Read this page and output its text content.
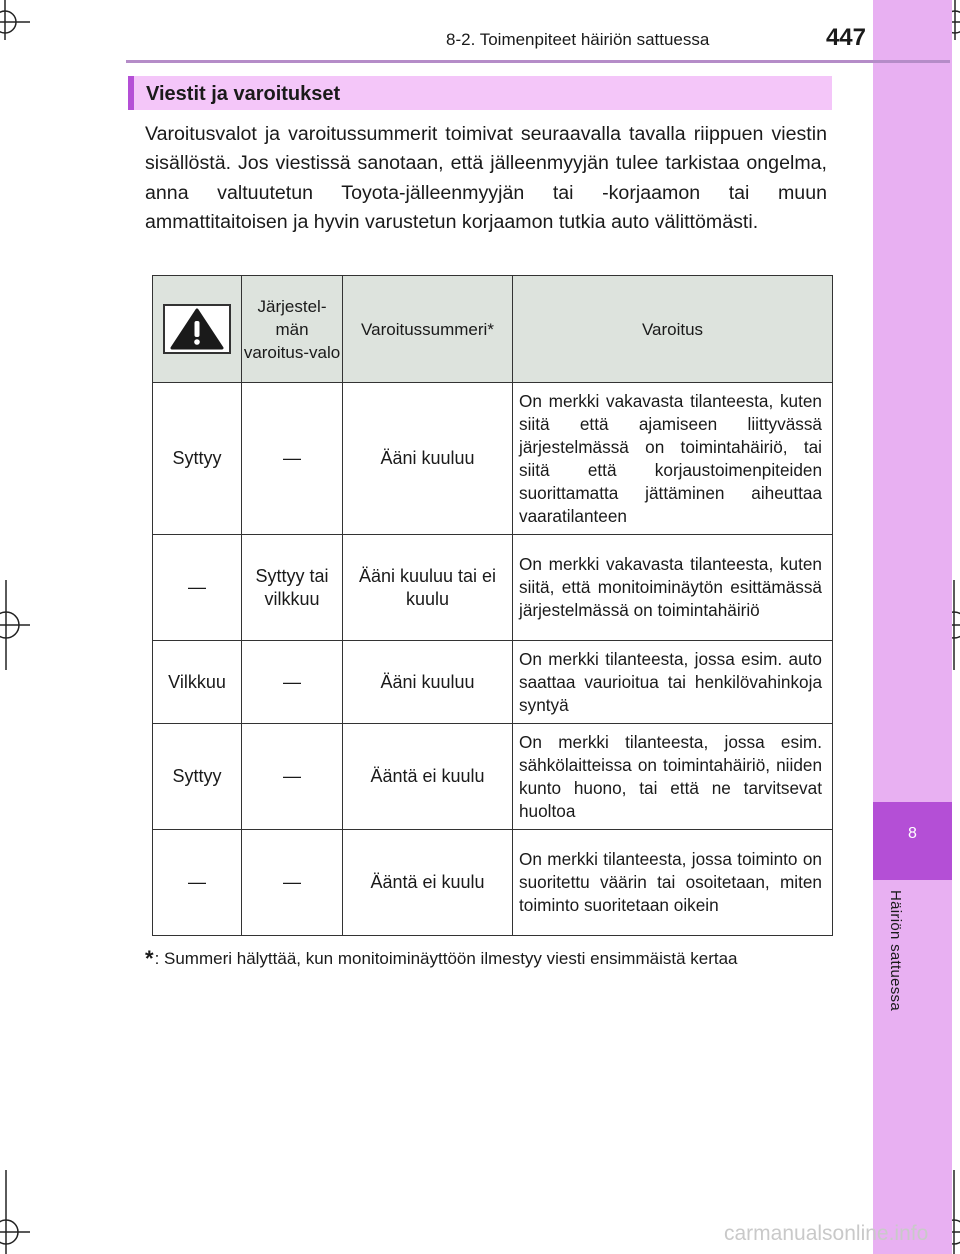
8
Häiriön sattuessa
8-2. Toimenpiteet häiriön sattuessa	447
Viestit ja varoitukset
Varoitusvalot ja varoitussummerit toimivat seuraavalla tavalla riippuen viestin sisällöstä. Jos viestissä sanotaan, että jälleenmyyjän tulee tarkistaa ongelma, anna valtuutetun Toyota-jälleenmyyjän tai -korjaamon tai muun ammattitaitoisen ja hyvin varustetun korjaamon tutkia auto välittömästi.
	Järjestel-män varoitus-valo	Varoitussummeri*	Varoitus
Syttyy	—	Ääni kuuluu	On merkki vakavasta tilanteesta, kuten siitä että ajamiseen liittyvässä järjestelmässä on toimintahäiriö, tai siitä että korjaustoimenpiteiden suorittamatta jättäminen aiheuttaa vaaratilanteen
—	Syttyy tai vilkkuu	Ääni kuuluu tai ei kuulu	On merkki vakavasta tilanteesta, kuten siitä, että monitoiminäytön esittämässä järjestelmässä on toimintahäiriö
Vilkkuu	—	Ääni kuuluu	On merkki tilanteesta, jossa esim. auto saattaa vaurioitua tai henkilövahinkoja syntyä
Syttyy	—	Ääntä ei kuulu	On merkki tilanteesta, jossa esim. sähkölaitteissa on toimintahäiriö, niiden kunto huono, tai että ne tarvitsevat huoltoa
—	—	Ääntä ei kuulu	On merkki tilanteesta, jossa toiminto on suoritettu väärin tai osoitetaan, miten toiminto suoritetaan oikein
*: Summeri hälyttää, kun monitoiminäyttöön ilmestyy viesti ensimmäistä kertaa
carmanualsonline.info
